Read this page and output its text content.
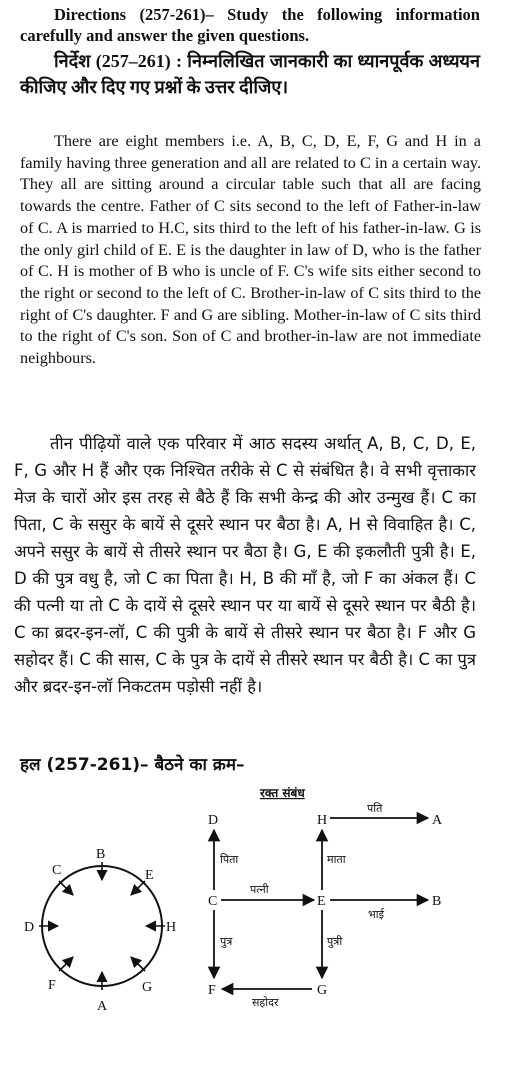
Directions (257-261)– Study the following information carefully and answer the given questions.

निर्देश (257–261) : निम्नलिखित जानकारी का ध्यानपूर्वक अध्ययन कीजिए और दिए गए प्रश्नों के उत्तर दीजिए।

There are eight members i.e. A, B, C, D, E, F, G and H in a family having three generation and all are related to C in a certain way. They all are sitting around a circular table such that all are facing towards the centre. Father of C sits second to the left of Father-in-law of C. A is married to H.C, sits third to the left of his father-in-law. G is the only girl child of E. E is the daughter in law of D, who is the father of C. H is mother of B who is uncle of F. C's wife sits either second to the right or second to the left of C. Brother-in-law of C sits third to the right of C's daughter. F and G are sibling. Mother-in-law of C sits third to the right of C's son. Son of C and brother-in-law are not immediate neighbours.

तीन पीढ़ियों वाले एक परिवार में आठ सदस्य अर्थात् A, B, C, D, E, F, G और H हैं और एक निश्चित तरीके से C से संबंधित है। वे सभी वृत्ताकार मेज के चारों ओर इस तरह से बैठे हैं कि सभी केन्द्र की ओर उन्मुख हैं। C का पिता, C के ससुर के बायें से दूसरे स्थान पर बैठा है। A, H से विवाहित है। C, अपने ससुर के बायें से तीसरे स्थान पर बैठा है। G, E की इकलौती पुत्री है। E, D की पुत्र वधु है, जो C का पिता है। H, B की माँ है, जो F का अंकल हैं। C की पत्नी या तो C के दायें से दूसरे स्थान पर या बायें से दूसरे स्थान पर बैठी है। C का ब्रदर-इन-लॉ, C की पुत्री के बायें से तीसरे स्थान पर बैठा है। F और G सहोदर हैं। C की सास, C के पुत्र के दायें से तीसरे स्थान पर बैठी है। C का पुत्र और ब्रदर-इन-लॉ निकटतम पड़ोसी नहीं है।

हल (257-261)– बैठने का क्रम–
B
E
H
G
A
F
D
C
रक्त संबंध
D	H	A
C	E	B
F	G
पति
पिता	माता
पत्नी
भाई
पुत्र	पुत्री
सहोदर
